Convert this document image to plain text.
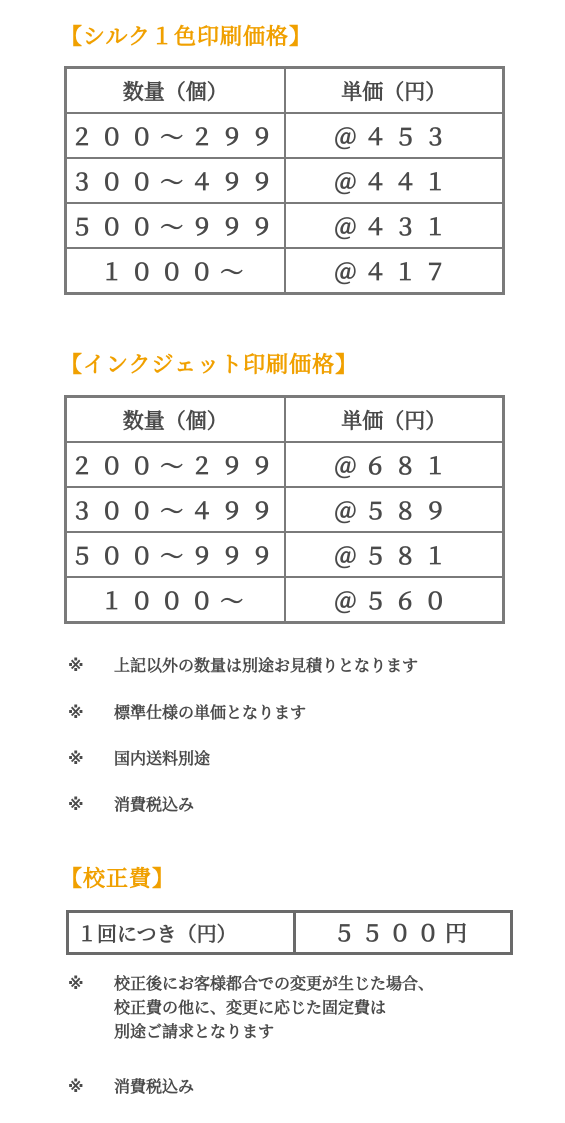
【シルク１色印刷価格】
数量（個）	単価（円）
２００〜２９９	＠４５３
３００〜４９９	＠４４１
５００〜９９９	＠４３１
１０００〜	＠４１７
【インクジェット印刷価格】
数量（個）	単価（円）
２００〜２９９	＠６８１
３００〜４９９	＠５８９
５００〜９９９	＠５８１
１０００〜	＠５６０
※ 上記以外の数量は別途お見積りとなります
※ 標準仕様の単価となります
※ 国内送料別途
※ 消費税込み
【校正費】
１回につき（円）	５５００円
※	校正後にお客様都合での変更が生じた場合、
校正費の他に、変更に応じた固定費は
別途ご請求となります
※ 消費税込み
